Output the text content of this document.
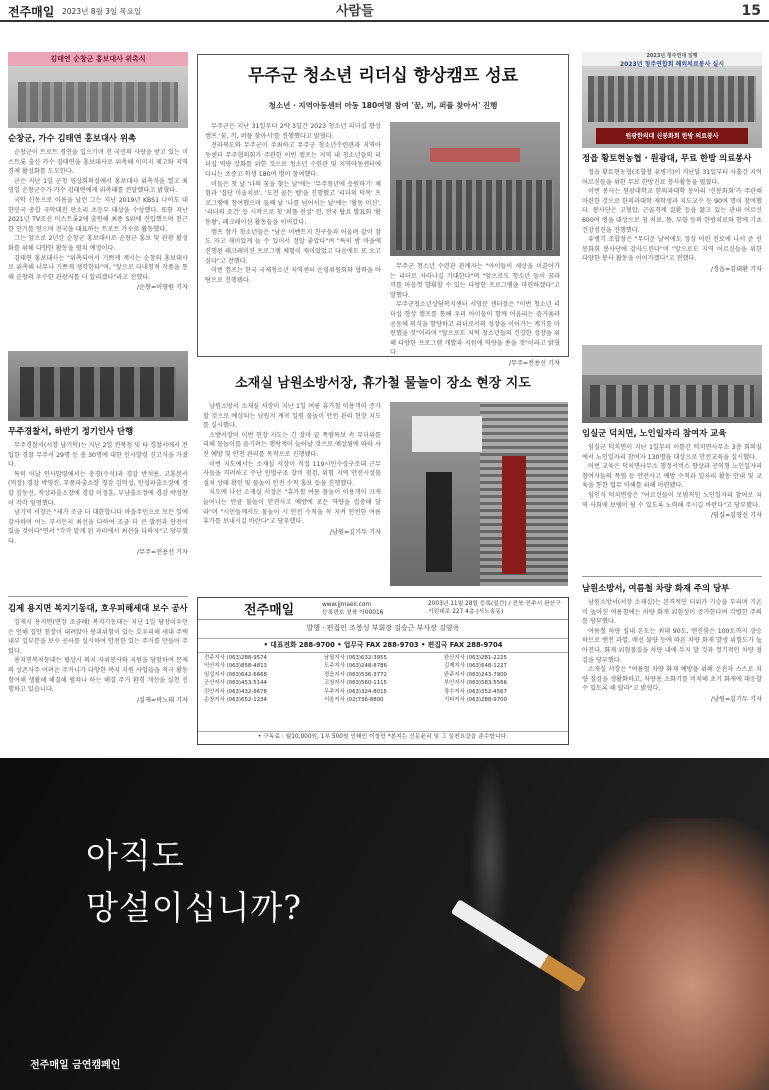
전주매일 2023년 8월 3일 목요일	사람들	15
김태연 순창군 홍보대사 위촉식
순창군, 가수 김태연 홍보대사 위촉

순창군이 트로트 경연을 입으기며 전 국민의 사랑을 받고 있는 미스트롯 출신 가수 김태연을 홍보대사로 위촉해 이미지 제고와 지역 경제 활성화를 도모한다.

군은 지난 1일 군청 영상회의실에서 홍보대사 위촉식을 열고 최영일 순창군수가 가수 김태연에게 위촉패를 전달했다고 밝혔다.

국악 신동으로 이름을 날린 그는 지난 2019년 KBS1 나이도 대한민국 총합 국악대전 판소리 초등부 대상을 수상했다. 또한 지난 2021년 TV조선 미스트롯2에 출연해 최종 5위에 진입했으며 친근한 인기를 얻으며 전국을 대표하는 트로트 가수로 활동했다.

그는 앞으로 2년간 순창군 홍보대사로 순창군 홍보 및 관광 활성화를 위해 다양한 활동을 펼쳐 예정이다.

김태연 홍보대사는 "위촉되어서 기쁘게 계시는 순창의 홍보대사로 위촉해 너무나 기쁘게 생각한다"며, "앞으로 다내청적 작품을 통해 순창의 우수한 관광지를 더 알리겠다"라고 전했다.

/순창=이영원 기자
무주경찰서, 하반기 정기인사 단행

무주경찰서(서장 남기덕)는 지난 2일 전북청 및 타 경찰서에서 전입한 경찰 무주서 29명 등 총 30명에 대한 인사발령 신고식을 가졌다.

특히 이날 인사발령에서는 총경(수석)과 경감 반석용, 고흥분서(역장) 경감 박영진, 무풍파출소장 경감 김억성, 안성파출소장에 경감 김동선, 적상파출소장에 경감 이성훈, 부남출소장에 경감 박성찬이 각각 임명했다.

남기덕 서장은 "새가 조금 더 대한합니다 마을주민으로 모든 일에 감사하며 어느 부서든지 최선을 다하여 조금 더 큰 발전과 안전이 있을 것이다"면서 "각각 맡게 된 자리에서 최선을 다하자"고 당부했다.

/무주=전용선 기자
김제 용지면 복지기동대, 호우피해세대 보수 공사

김제시 용지면(면장 조금례) 복지기동대는 지난 1일 담장이우먼은 인해 집안 천장이 내려앉아 붕괴위험이 있는 호우피해 세대 주택 내부 일부분을 보수 공사를 실시하여 안전한 있는 주거를 만들어 주었다.

용지면복지동대는 평상시 의지 자위봉사와 지원을 담함하여 문제의 상존자주 어려운 주거니가 다양한 복지 지원 사업들을 적극 활동 참여해 생활해 해결해 펼쳐나 하는 해결 주거 환경 개선을 실천 진행하고 있습니다.

/김제=곽노태 기자
무주군 청소년 리더십 향상캠프 성료
청소년 · 지역아동센터 아동 180여명 참여 '꿈, 끼, 퍼플 찾아서' 진행

무주군은 지난 31일부터 2박 3일간 2023 청소년 리더십 향상 캠프 '꿈, 끼, 퍼플 찾아서'를 진행했다고 밝혔다.

전라북도와 무주군이 주최하고 무주군 청소년수련관과 지역아동센터 무주협의회가 주관한 이번 캠프는 지역 내 청소년들의 리더십 역량 강화를 위한 것으로 청소년 수련관 및 지역아동센터에 다니는 초중고 학생 180여 명이 참여했다.

이들은 첫 날 '나의 꿈을 찾는 날'에는 '무주청년에 응원하기' 체험과 '집단 미술치료', '도전 골든 벨'을 진행했고 '리더의 덕목' 프로그램에 참여했으며 둘째 날 '나를 넘어서는 날'에는 '활동 미션', '리더의 조건' 등 시작으로 첫 '퍼플 전설' 전, 전국 탑요 발표회 '활동왕', 레크레이션 활동들을 이어갔다.

캠프 참가 청소년들은 "남은 이벤트지 친구들과 어울려 같이 잠도 자고 재미있게 놀 수 있어서 정말 좋았다"며 "특히 밤 마을에 진행된 레크레이션 프로그램 체험이 재미있었고 다음에도 또 오고 싶다"고 전했다.

이번 캠프는 한국 국제청소년 지역센터 운영위원회와 협력을 바탕으로 진행됐다.

무주군 청소년 수련관 관계자는 "아이들이 세상을 이끌어가는 리더로 자라나길 기대한다"며 "앞으로도 청소년 들이 꿈과 끼를 마음껏 발휘할 수 있는 다양한 프로그램을 마련하겠다"고 말했다.

무주군청소년상담복지센터 서영문 센터장은 "이번 청소년 리더십 향상 캠프를 통해 우리 아이들이 함께 어울리는 즐거움과 공동체 의식을 함양하고 리더로서의 성장을 이어가는 계기를 마련했을 것"이라며 "앞으로도 지역 청소년들의 건강한 성장을 위해 다양한 프로그램 개발과 지원에 역량을 쏟을 것"이라고 밝혔다.

/무주=전용선 기자
소재실 남원소방서장, 휴가철 물놀이 장소 현장 지도

남원소방서 소재실 서장이 지난 1일 여름 휴가철 이용객이 증가할 것으로 예상되는 남원지 계곡 일원 물놀이 안전 관리 현장 지도를 실시했다.

소방서장이 이번 현장 지도는 긴 장마 끝 폭염특보 속 무더위를 피해 물놀이를 즐기려는 행락객이 늘어날 것으로 예상됨에 따라 사전 예방 및 안전 관리를 목적으로 진행됐다.

이번 지도에서는 소재실 서장이 직접 119시민수상구조대 근무자들을 격려하고 수난 인명구조 장비 점검, 위험 지역 안전시설물 설치 상태 확인 및 물놀이 안전 수칙 홍보 등을 진행했다.

지도에 나선 소재실 서장은 "휴가철 여름 물놀이 이용객이 크게 늘어나는 만큼 물놀이 안전사고 예방에 모든 역량을 집중해 달라"며 "시민들께서도 물놀이 시 안전 수칙을 꼭 지켜 안전한 여름 휴가를 보내시길 바란다"고 당부했다.

/남원=김기두 기자
전주매일	www.jjmaeil.com
등록번호 전북 아00016
2003년 11월 28일 등록(일간) / 전북 전주시 완산구 기린대로 227 4층 (서노송동)
발행 · 편집인 조봉성 부회장 김승근 부사장 김양옥
• 대표전화 288-9700 • 업무국 FAX 288-9703 • 편집국 FAX 288-9704
전주지사 (063)288-9574	남원지사 (063)632-3955	완산지사 (063)281-2225
익산지사 (063)858-4813	도주지사 (063)248-8786	김제지사 (063)548-1227
임실지사 (063)642-6668	정읍지사 (063)536-3772	완주지사 (063)243-7900
군산지사 (063)453-5144	고창지사 (063)560-1115	부안지사 (063)583-5566
진안지사 (063)432-6678	무주지사 (063)324-8015	장수지사 (063)352-4567
순창지사 (063)652-1234	서울지사 (02)736-8800	기타지사 (063)288-9700
• 구독료 : 월10,000원, 1부 500원 인쇄인 이상만 *본지는 신문윤리 및 그 실천요강을 준수합니다.
2023년 청주연대 일행
2023년 청주연합회 해외의료봉사 실시
원광한의대 신봉화회 한방 의료봉사
정읍 황토현농협 · 원광대, 무료 한방 의료봉사

정읍 황토현농협(조합장 유병기)이 지난달 31일부터 사흘간 지역 어르신들을 위한 무료 한방진료 봉사활동을 펼쳤다.

이번 봉사는 원광대학교 한의과대학 동아리 '신봉화회'가 주관해 마련한 것으로 한의과대학 재학생과 지도교수 등 90여 명이 참여했다. 봉사단은 고혈압, 근골격계 질환 등을 앓고 있는 관내 어르신 600여 명을 대상으로 침 치료, 뜸, 부항 등의 한방치료와 함께 기초 건강검진을 진행했다.

유병기 조합장은 "무더운 날씨에도 정성 어린 진료에 나서 준 신봉화회 봉사단에 감사드린다"며 "앞으로도 지역 어르신들을 위한 다양한 봉사 활동을 이어가겠다"고 전했다.

/정읍=김대환 기자
임실군 덕치면, 노인일자리 참여자 교육

임실군 덕치면이 지난 1일부터 이틀간 덕치면사무소 3층 회의실에서 노인일자리 참여자 130명을 대상으로 안전교육을 실시했다.

이번 교육은 덕치면사무소 행정서비스 향상과 공익형 노인일자리 참여자들의 폭염 등 안전사고 예방 수칙과 일자리 활동 안내 및 교육을 통한 업무 이해를 위해 마련됐다.

임인식 덕치면장은 "어르신들이 모범적인 노인일자리 참여로 지역 사회에 보탬이 될 수 있도록 노력해 주시길 바란다"고 당부했다.

/임실=김영신 기자
남원소방서, 여름철 차량 화재 주의 당부

남원소방서(서장 소재실)는 본격적인 더위가 기승을 부리며 기온이 높아진 여름철에는 차량 화재 위험성이 증가한다며 각별한 주의를 당부했다.

여름철 차량 실내 온도는 최대 90도, 엔진룸은 100도까지 상승하므로 엔진 과열, 배선 불량 등에 따른 차량 화재 발생 위험도가 높아진다. 화재 위험물질을 차량 내에 두지 말 것과 정기적인 차량 점검을 당부했다.

소재실 서장은 "여름철 차량 화재 예방을 위해 운전자 스스로 차량 점검을 생활화하고, 차량용 소화기를 비치해 초기 화재에 대응할 수 있도록 해 달라"고 밝혔다.

/남원=김기두 기자
아직도
망설이십니까?
전주매일 금연캠페인
